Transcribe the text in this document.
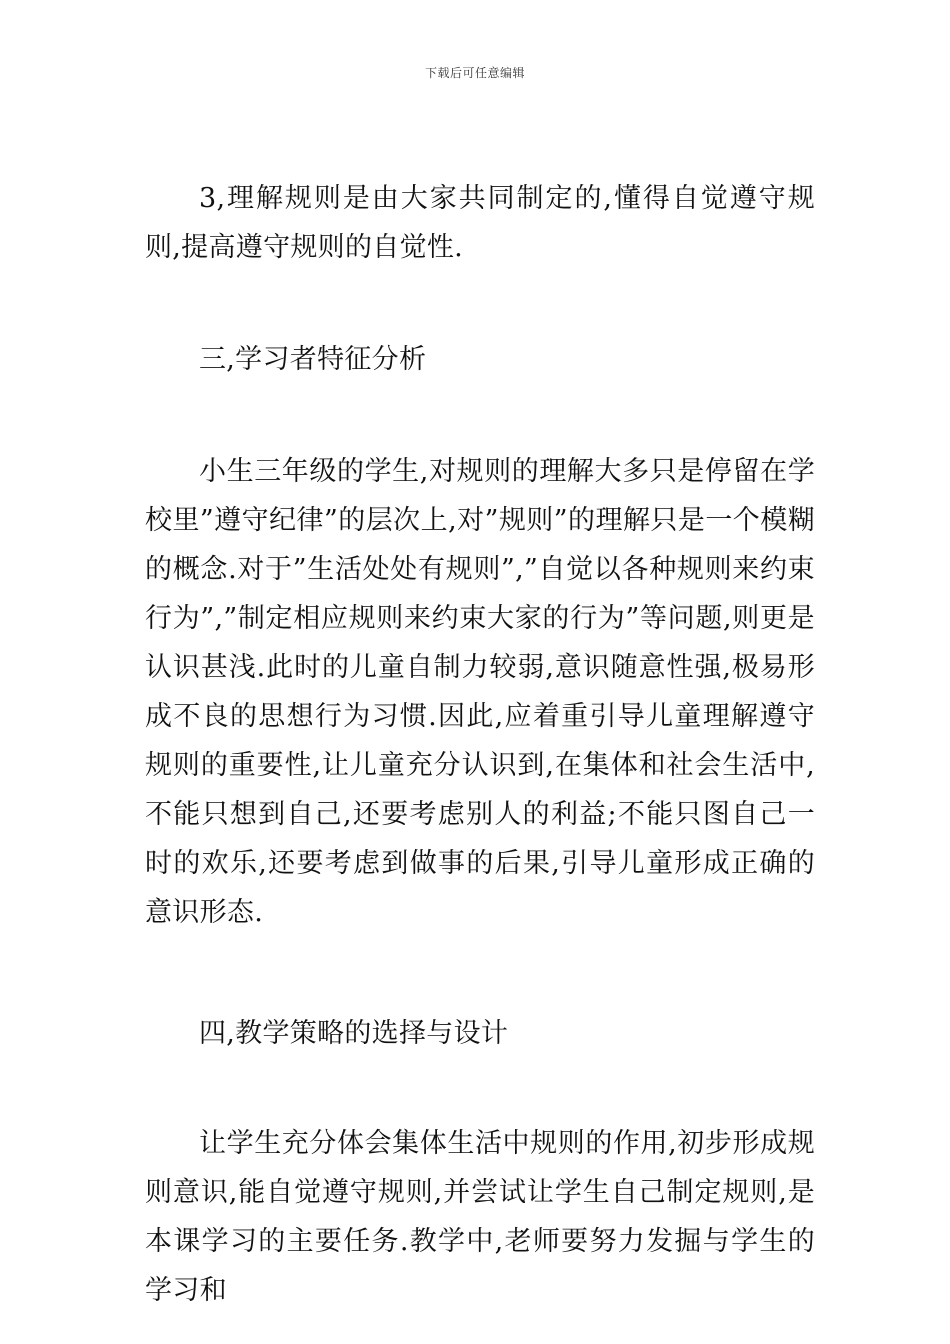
下载后可任意编辑

3,理解规则是由大家共同制定的,懂得自觉遵守规则,提高遵守规则的自觉性.

三,学习者特征分析

小生三年级的学生,对规则的理解大多只是停留在学校里”遵守纪律”的层次上,对”规则”的理解只是一个模糊的概念.对于”生活处处有规则”,”自觉以各种规则来约束行为”,”制定相应规则来约束大家的行为”等问题,则更是认识甚浅.此时的儿童自制力较弱,意识随意性强,极易形成不良的思想行为习惯.因此,应着重引导儿童理解遵守规则的重要性,让儿童充分认识到,在集体和社会生活中,不能只想到自己,还要考虑别人的利益;不能只图自己一时的欢乐,还要考虑到做事的后果,引导儿童形成正确的意识形态.

四,教学策略的选择与设计

让学生充分体会集体生活中规则的作用,初步形成规则意识,能自觉遵守规则,并尝试让学生自己制定规则,是本课学习的主要任务.教学中,老师要努力发掘与学生的学习和
